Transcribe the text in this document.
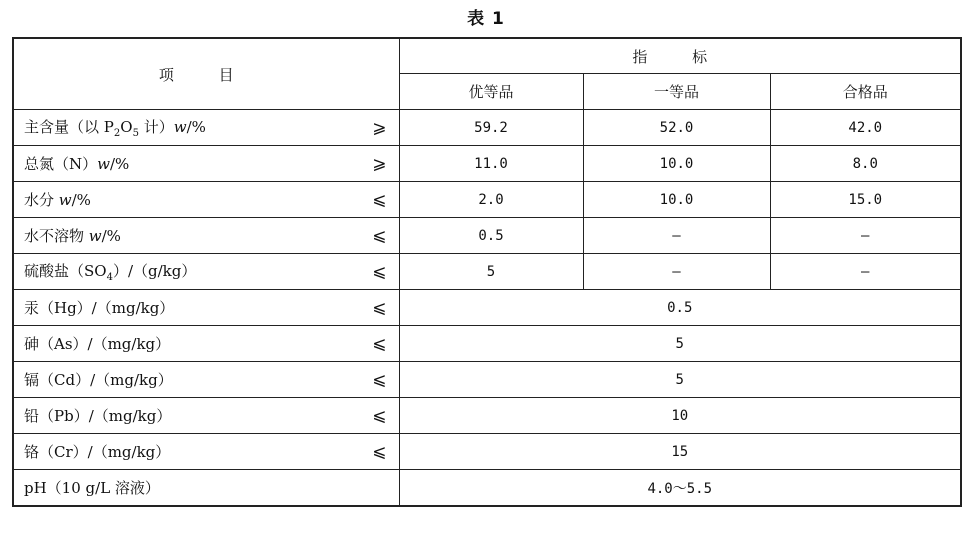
表 1
项 目	指 标		
	优等品	一等品	合格品

主含量（以 $P_2O_5$ 计）w/% ⩾	59.2	52.0	42.0

总氮（N）w/% ⩾	11.0	10.0	8.0

水分 w/% ⩽	2.0	10.0	15.0

水不溶物 w/% ⩽	0.5	—	—

硫酸盐$(SO_4)/(g/kg)$ ⩽	5	—	—

汞（Hg）/（mg/kg） ⩽	0.5		

砷（As）/（mg/kg） ⩽	5		

镉（Cd）/（mg/kg） ⩽	5		

铅（Pb）/（mg/kg） ⩽	10		

铬（Cr）/（mg/kg） ⩽	15		

pH（10 g/L 溶液）	4.0～5.5		
